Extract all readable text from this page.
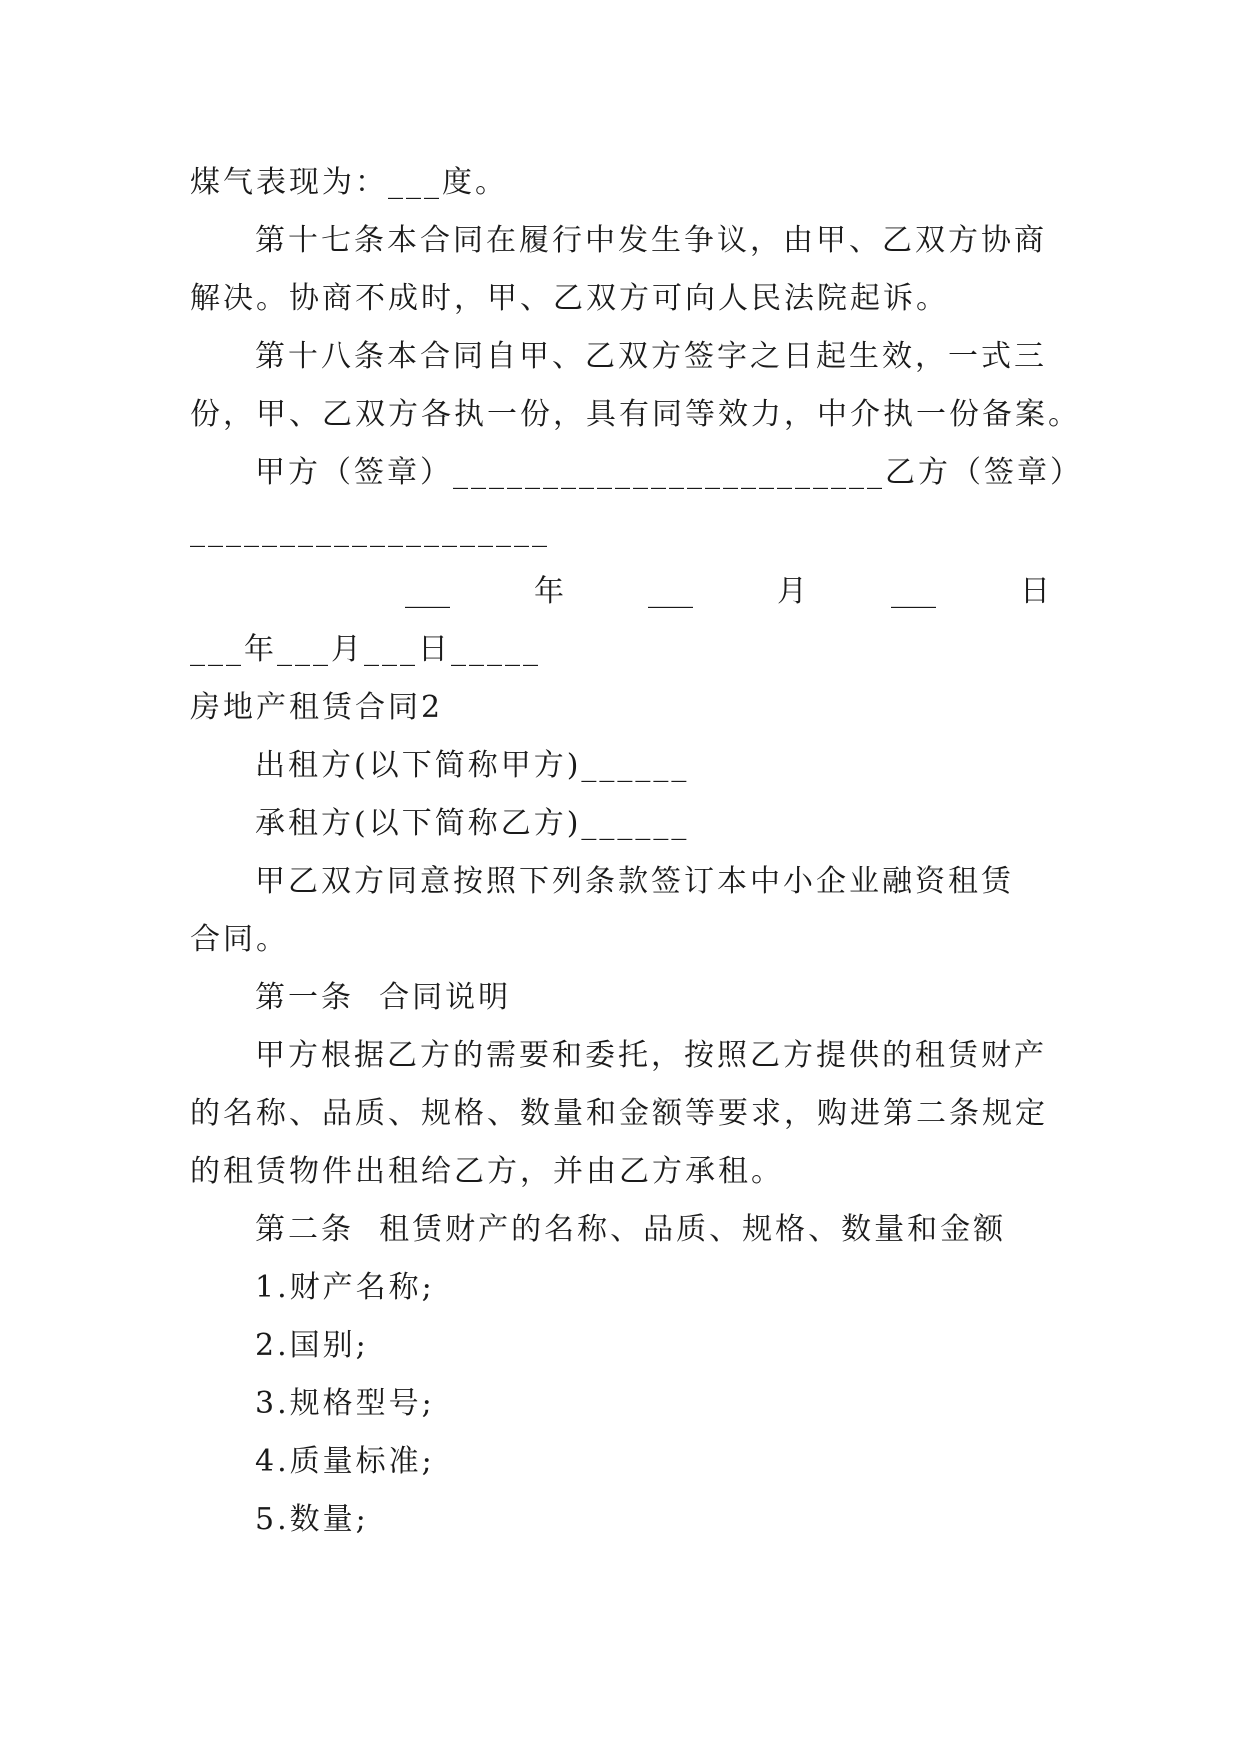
煤气表现为：___度。
第十七条本合同在履行中发生争议，由甲、乙双方协商
解决。协商不成时，甲、乙双方可向人民法院起诉。
第十八条本合同自甲、乙双方签字之日起生效，一式三
份，甲、乙双方各执一份，具有同等效力，中介执一份备案。
甲方（签章）________________________乙方（签章）
____________________
___	年	___	月	___	日
___年___月___日_____
房地产租赁合同2
出租方(以下简称甲方)______
承租方(以下简称乙方)______
甲乙双方同意按照下列条款签订本中小企业融资租赁
合同。
第一条  合同说明
甲方根据乙方的需要和委托，按照乙方提供的租赁财产
的名称、品质、规格、数量和金额等要求，购进第二条规定
的租赁物件出租给乙方，并由乙方承租。
第二条  租赁财产的名称、品质、规格、数量和金额
1.财产名称;
2.国别;
3.规格型号;
4.质量标准;
5.数量;
